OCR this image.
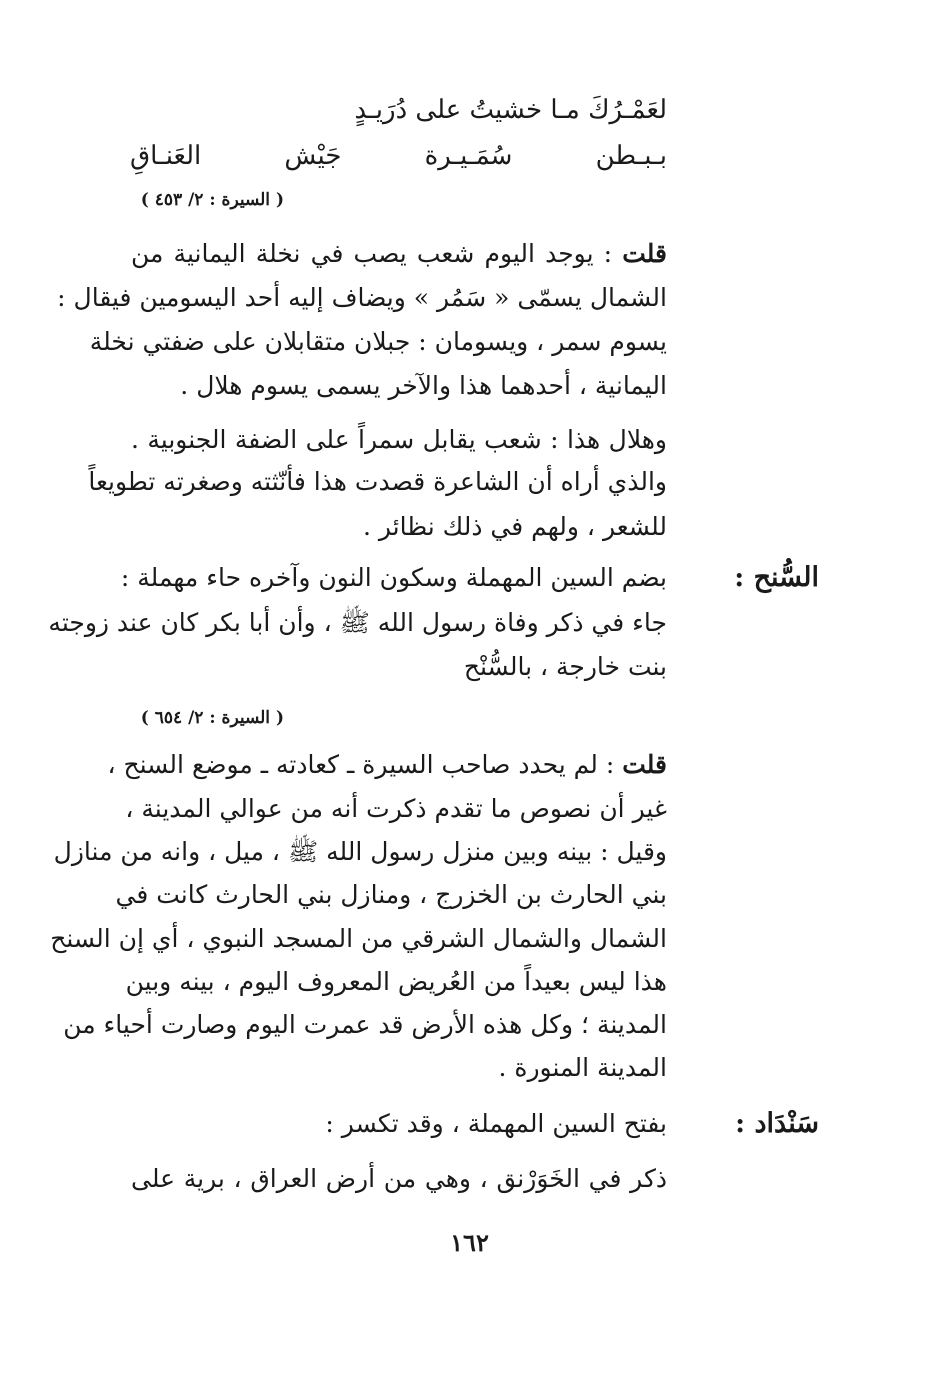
لعَمْـرُكَ مـا خشيتُ على دُرَيـدٍ
بـبـطن سُمَـيـرة جَيْش العَنـاقِ
( السيرة : ٢/ ٤٥٣ )
قلت : يوجد اليوم شعب يصب في نخلة اليمانية من
الشمال يسمّى « سَمُر » ويضاف إليه أحد اليسومين فيقال :
يسوم سمر ، ويسومان : جبلان متقابلان على ضفتي نخلة
اليمانية ، أحدهما هذا والآخر يسمى يسوم هلال .
وهلال هذا : شعب يقابل سمراً على الضفة الجنوبية .
والذي أراه أن الشاعرة قصدت هذا فأنّثته وصغرته تطويعاً
للشعر ، ولهم في ذلك نظائر .
السُّنح :
بضم السين المهملة وسكون النون وآخره حاء مهملة :
جاء في ذكر وفاة رسول الله ﷺ ، وأن أبا بكر كان عند زوجته
بنت خارجة ، بالسُّنْح
( السيرة : ٢/ ٦٥٤ )
قلت : لم يحدد صاحب السيرة ـ كعادته ـ موضع السنح ،
غير أن نصوص ما تقدم ذكرت أنه من عوالي المدينة ،
وقيل : بينه وبين منزل رسول الله ﷺ ، ميل ، وانه من منازل
بني الحارث بن الخزرج ، ومنازل بني الحارث كانت في
الشمال والشمال الشرقي من المسجد النبوي ، أي إن السنح
هذا ليس بعيداً من العُريض المعروف اليوم ، بينه وبين
المدينة ؛ وكل هذه الأرض قد عمرت اليوم وصارت أحياء من
المدينة المنورة .
سَنْدَاد :
بفتح السين المهملة ، وقد تكسر :
ذكر في الخَوَرْنق ، وهي من أرض العراق ، برية على
١٦٢
